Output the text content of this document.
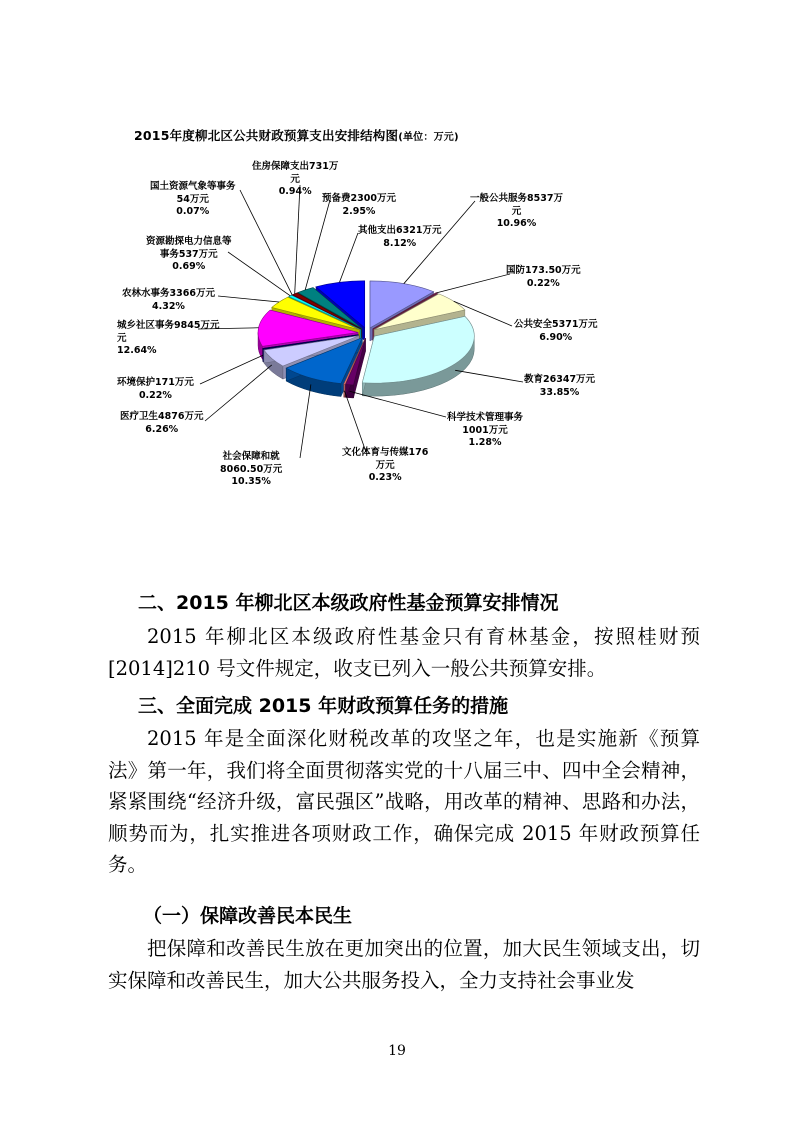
2015年度柳北区公共财政预算支出安排结构图(单位：万元)
住房保障支出731万
元
0.94%
国土资源气象等事务
54万元
0.07%
预备费2300万元
2.95%
一般公共服务8537万
元
10.96%
其他支出6321万元
8.12%
资源勘探电力信息等
事务537万元
0.69%	国防173.50万元
0.22%
农林水事务3366万元
4.32%
公共安全5371万元
6.90%
城乡社区事务9845万元
元
12.64%
环境保护171万元
0.22%
教育26347万元
33.85%
医疗卫生4876万元
6.26%
科学技术管理事务
1001万元
1.28%
文化体育与传媒176
万元
0.23%
社会保障和就
8060.50万元
10.35%
二、2015 年柳北区本级政府性基金预算安排情况

2015 年柳北区本级政府性基金只有育林基金，按照桂财预[2014]210 号文件规定，收支已列入一般公共预算安排。

三、全面完成 2015 年财政预算任务的措施

2015 年是全面深化财税改革的攻坚之年，也是实施新《预算法》第一年，我们将全面贯彻落实党的十八届三中、四中全会精神，紧紧围绕“经济升级，富民强区”战略，用改革的精神、思路和办法，顺势而为，扎实推进各项财政工作，确保完成 2015 年财政预算任务。

（一）保障改善民本民生

把保障和改善民生放在更加突出的位置，加大民生领域支出，切实保障和改善民生，加大公共服务投入，全力支持社会事业发

19
